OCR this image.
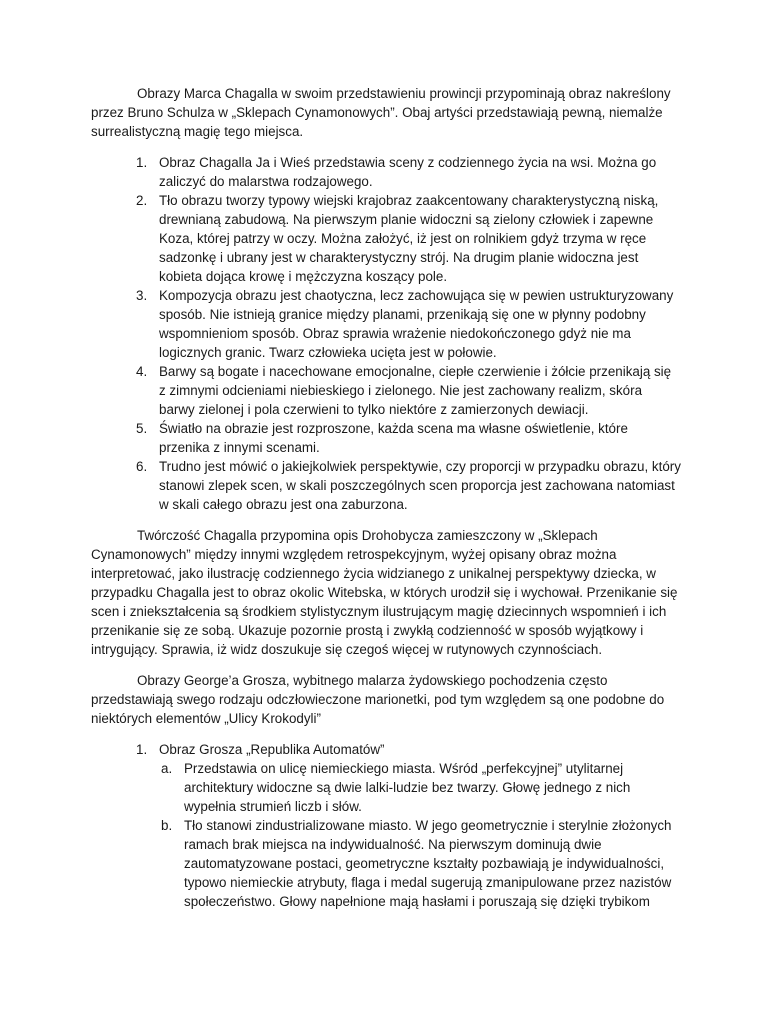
Obrazy Marca Chagalla w swoim przedstawieniu prowincji przypominają obraz nakreślony przez Bruno Schulza w „Sklepach Cynamonowych”. Obaj artyści przedstawiają pewną, niemalże surrealistyczną magię tego miejsca.

1. Obraz Chagalla Ja i Wieś przedstawia sceny z codziennego życia na wsi. Można go zaliczyć do malarstwa rodzajowego.
2. Tło obrazu tworzy typowy wiejski krajobraz zaakcentowany charakterystyczną niską, drewnianą zabudową. Na pierwszym planie widoczni są zielony człowiek i zapewne Koza, której patrzy w oczy. Można założyć, iż jest on rolnikiem gdyż trzyma w ręce sadzonkę i ubrany jest w charakterystyczny strój. Na drugim planie widoczna jest kobieta dojąca krowę i mężczyzna koszący pole.
3. Kompozycja obrazu jest chaotyczna, lecz zachowująca się w pewien ustrukturyzowany sposób. Nie istnieją granice między planami, przenikają się one w płynny podobny wspomnieniom sposób. Obraz sprawia wrażenie niedokończonego gdyż nie ma logicznych granic. Twarz człowieka ucięta jest w połowie.
4. Barwy są bogate i nacechowane emocjonalne, ciepłe czerwienie i żółcie przenikają się z zimnymi odcieniami niebieskiego i zielonego. Nie jest zachowany realizm, skóra barwy zielonej i pola czerwieni to tylko niektóre z zamierzonych dewiacji.
5. Światło na obrazie jest rozproszone, każda scena ma własne oświetlenie, które przenika z innymi scenami.
6. Trudno jest mówić o jakiejkolwiek perspektywie, czy proporcji w przypadku obrazu, który stanowi zlepek scen, w skali poszczególnych scen proporcja jest zachowana natomiast w skali całego obrazu jest ona zaburzona.

Twórczość Chagalla przypomina opis Drohobycza zamieszczony w „Sklepach Cynamonowych” między innymi względem retrospekcyjnym, wyżej opisany obraz można interpretować, jako ilustrację codziennego życia widzianego z unikalnej perspektywy dziecka, w przypadku Chagalla jest to obraz okolic Witebska, w których urodził się i wychował. Przenikanie się scen i zniekształcenia są środkiem stylistycznym ilustrującym magię dziecinnych wspomnień i ich przenikanie się ze sobą. Ukazuje pozornie prostą i zwykłą codzienność w sposób wyjątkowy i intrygujący. Sprawia, iż widz doszukuje się czegoś więcej w rutynowych czynnościach.

Obrazy George’a Grosza, wybitnego malarza żydowskiego pochodzenia często przedstawiają swego rodzaju odczłowieczone marionetki, pod tym względem są one podobne do niektórych elementów „Ulicy Krokodyli”

1. Obraz Grosza „Republika Automatów”
a. Przedstawia on ulicę niemieckiego miasta. Wśród „perfekcyjnej” utylitarnej architektury widoczne są dwie lalki-ludzie bez twarzy. Głowę jednego z nich wypełnia strumień liczb i słów.
b. Tło stanowi zindustrializowane miasto. W jego geometrycznie i sterylnie złożonych ramach brak miejsca na indywidualność. Na pierwszym dominują dwie zautomatyzowane postaci, geometryczne kształty pozbawiają je indywidualności, typowo niemieckie atrybuty, flaga i medal sugerują zmanipulowane przez nazistów społeczeństwo. Głowy napełnione mają hasłami i poruszają się dzięki trybikom
